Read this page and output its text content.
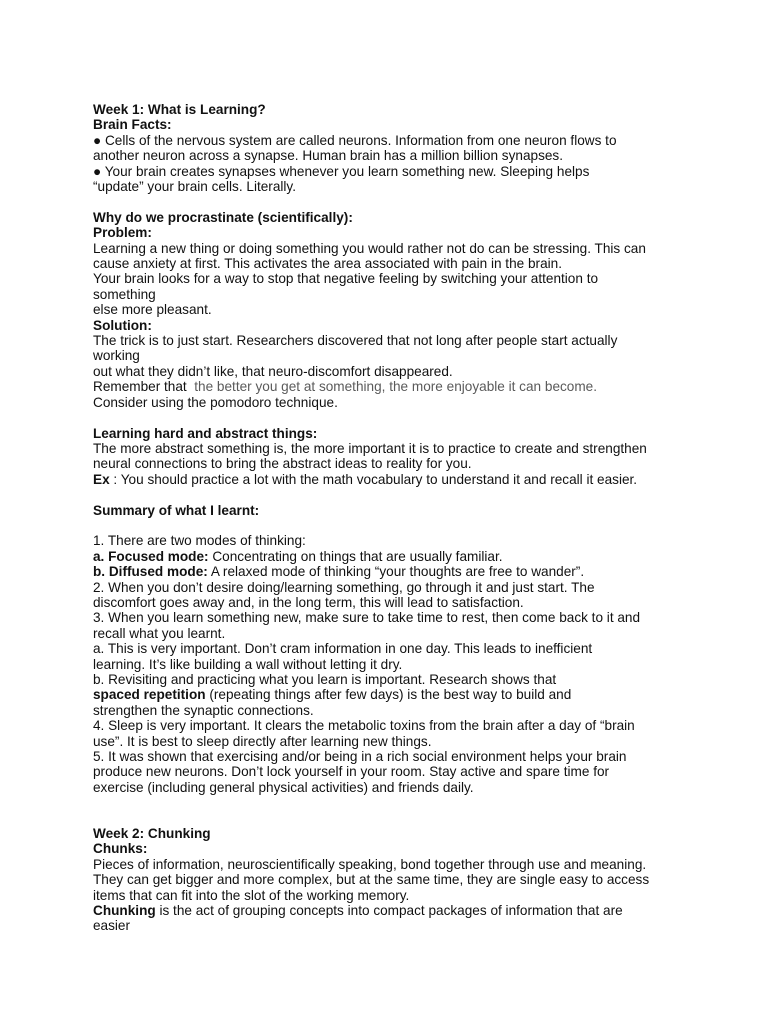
Week 1: What is Learning?
Brain Facts:
● Cells of the nervous system are called neurons. Information from one neuron flows to
another neuron across a synapse. Human brain has a million billion synapses.
● Your brain creates synapses whenever you learn something new. Sleeping helps
“update” your brain cells. Literally.
Why do we procrastinate (scientifically):
Problem:
Learning a new thing or doing something you would rather not do can be stressing. This can
cause anxiety at first. This activates the area associated with pain in the brain.
Your brain looks for a way to stop that negative feeling by switching your attention to
something
else more pleasant.
Solution:
The trick is to just start. Researchers discovered that not long after people start actually
working
out what they didn’t like, that neuro-discomfort disappeared.
Remember that the better you get at something, the more enjoyable it can become.
Consider using the pomodoro technique.
Learning hard and abstract things:
The more abstract something is, the more important it is to practice to create and strengthen
neural connections to bring the abstract ideas to reality for you.
Ex : You should practice a lot with the math vocabulary to understand it and recall it easier.
Summary of what I learnt:
1. There are two modes of thinking:
a. Focused mode: Concentrating on things that are usually familiar.
b. Diffused mode: A relaxed mode of thinking “your thoughts are free to wander”.
2. When you don’t desire doing/learning something, go through it and just start. The
discomfort goes away and, in the long term, this will lead to satisfaction.
3. When you learn something new, make sure to take time to rest, then come back to it and
recall what you learnt.
a. This is very important. Don’t cram information in one day. This leads to inefficient
learning. It’s like building a wall without letting it dry.
b. Revisiting and practicing what you learn is important. Research shows that
spaced repetition (repeating things after few days) is the best way to build and
strengthen the synaptic connections.
4. Sleep is very important. It clears the metabolic toxins from the brain after a day of “brain
use”. It is best to sleep directly after learning new things.
5. It was shown that exercising and/or being in a rich social environment helps your brain
produce new neurons. Don’t lock yourself in your room. Stay active and spare time for
exercise (including general physical activities) and friends daily.
Week 2: Chunking
Chunks:
Pieces of information, neuroscientifically speaking, bond together through use and meaning.
They can get bigger and more complex, but at the same time, they are single easy to access
items that can fit into the slot of the working memory.
Chunking is the act of grouping concepts into compact packages of information that are
easier
